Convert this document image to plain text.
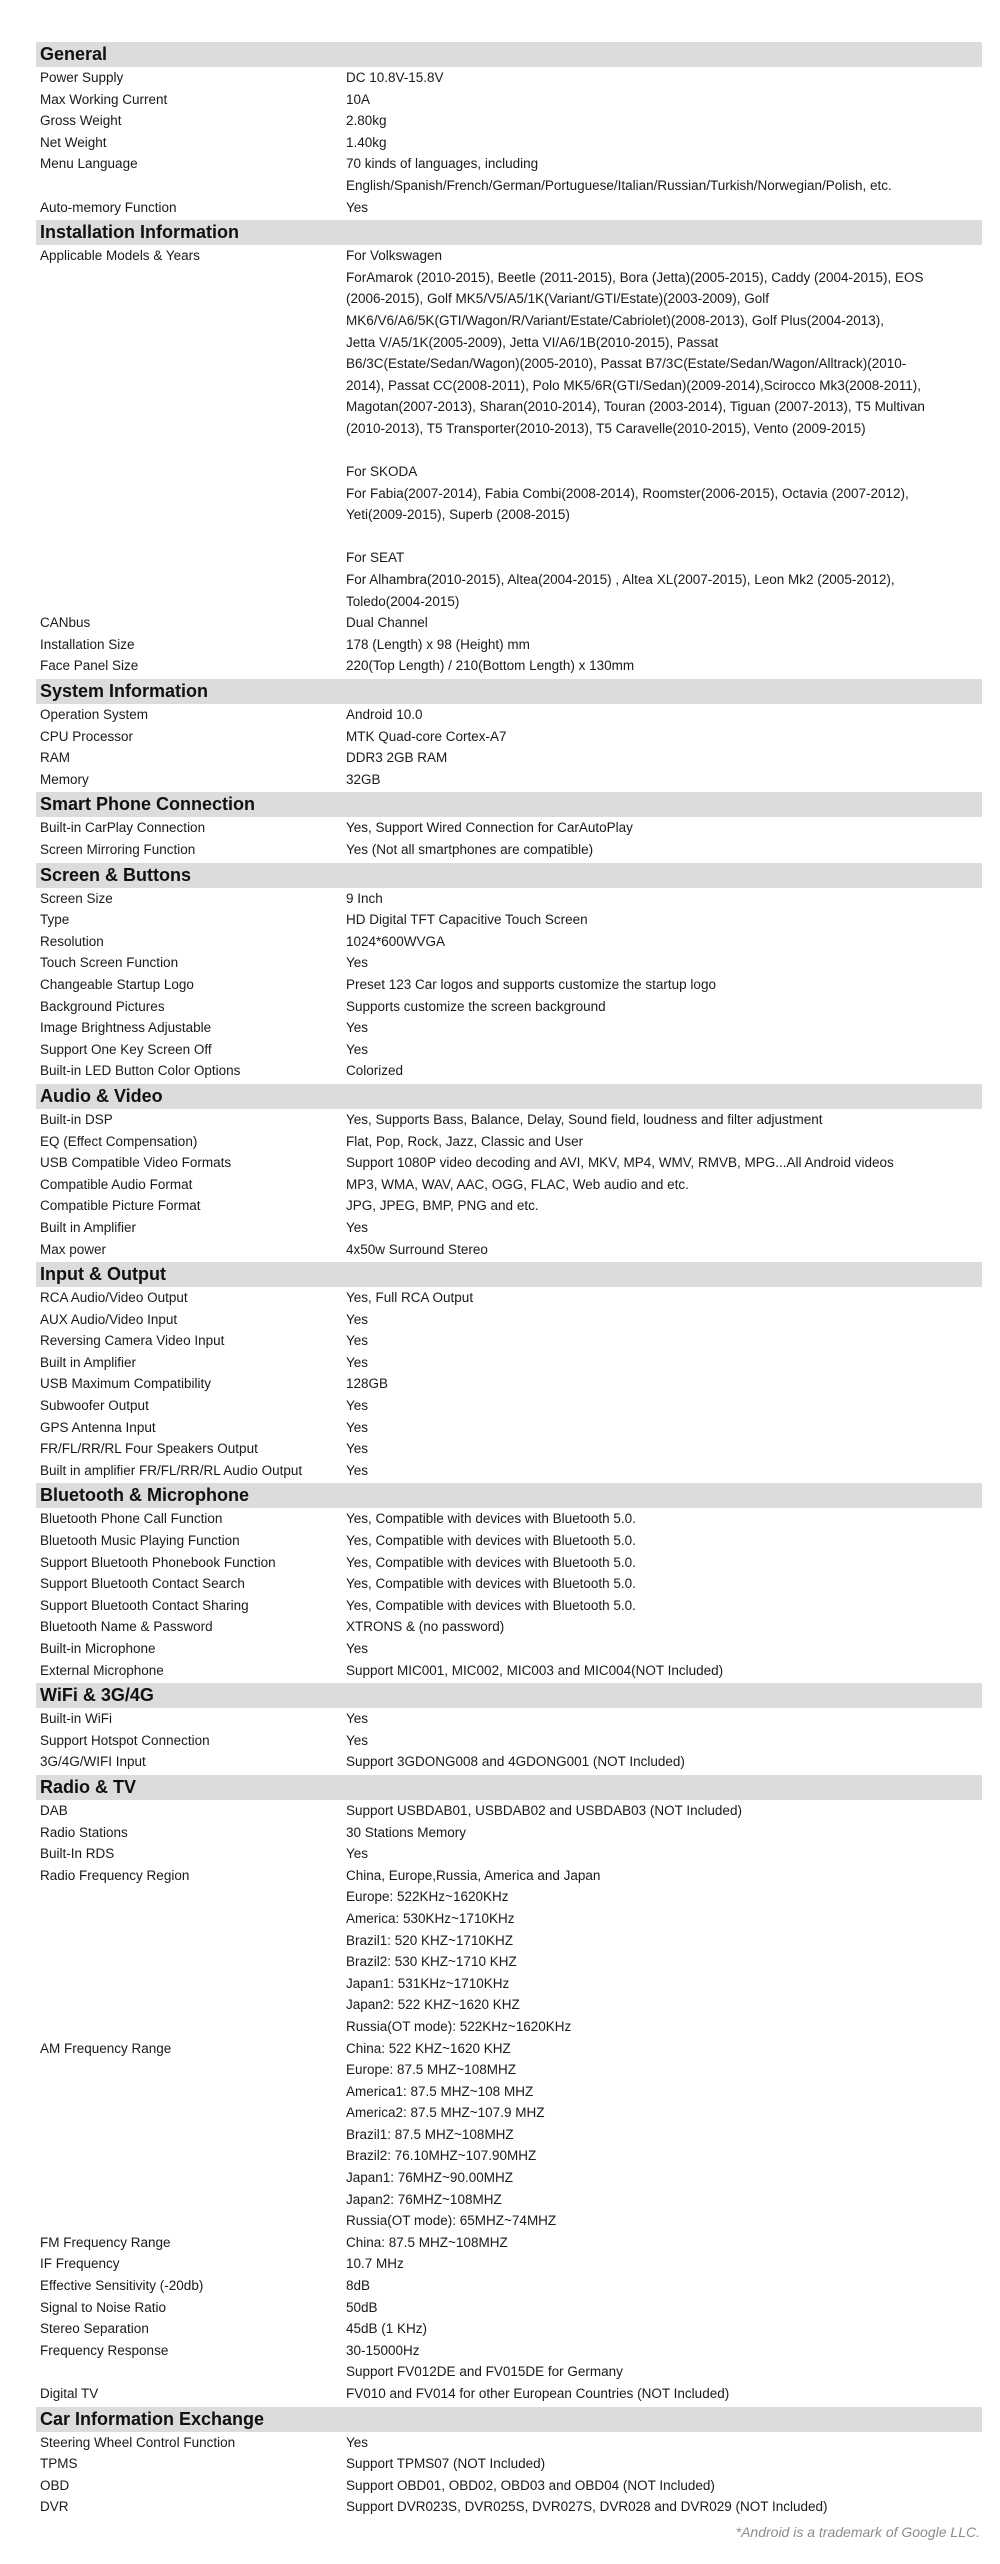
General
Power Supply	DC 10.8V-15.8V
Max Working Current	10A
Gross Weight	2.80kg
Net Weight	1.40kg
Menu Language	70 kinds of languages, including
English/Spanish/French/German/Portuguese/Italian/Russian/Turkish/Norwegian/Polish, etc.
Auto-memory Function	Yes
Installation Information
Applicable Models & Years	For Volkswagen
ForAmarok (2010-2015), Beetle (2011-2015), Bora (Jetta)(2005-2015), Caddy (2004-2015), EOS
(2006-2015), Golf MK5/V5/A5/1K(Variant/GTI/Estate)(2003-2009), Golf
MK6/V6/A6/5K(GTI/Wagon/R/Variant/Estate/Cabriolet)(2008-2013), Golf Plus(2004-2013),
Jetta V/A5/1K(2005-2009), Jetta VI/A6/1B(2010-2015), Passat
B6/3C(Estate/Sedan/Wagon)(2005-2010), Passat B7/3C(Estate/Sedan/Wagon/Alltrack)(2010-
2014), Passat CC(2008-2011), Polo MK5/6R(GTI/Sedan)(2009-2014),Scirocco Mk3(2008-2011),
Magotan(2007-2013), Sharan(2010-2014), Touran (2003-2014), Tiguan (2007-2013), T5 Multivan
(2010-2013), T5 Transporter(2010-2013), T5 Caravelle(2010-2015), Vento (2009-2015)

For SKODA
For Fabia(2007-2014), Fabia Combi(2008-2014), Roomster(2006-2015), Octavia (2007-2012),
Yeti(2009-2015), Superb (2008-2015)

For SEAT
For Alhambra(2010-2015), Altea(2004-2015) , Altea XL(2007-2015), Leon Mk2 (2005-2012),
Toledo(2004-2015)
CANbus	Dual Channel
Installation Size	178 (Length) x 98 (Height) mm
Face Panel Size	220(Top Length) / 210(Bottom Length) x 130mm
System Information
Operation System	Android 10.0
CPU Processor	MTK Quad-core Cortex-A7
RAM	DDR3 2GB RAM
Memory	32GB
Smart Phone Connection
Built-in CarPlay Connection	Yes, Support Wired Connection for CarAutoPlay
Screen Mirroring Function	Yes (Not all smartphones are compatible)
Screen & Buttons
Screen Size	9 Inch
Type	HD Digital TFT Capacitive Touch Screen
Resolution	1024*600WVGA
Touch Screen Function	Yes
Changeable Startup Logo	Preset 123 Car logos and supports customize the startup logo
Background Pictures	Supports customize the screen background
Image Brightness Adjustable	Yes
Support One Key Screen Off	Yes
Built-in LED Button Color Options	Colorized
Audio & Video
Built-in DSP	Yes, Supports Bass, Balance, Delay, Sound field, loudness and filter adjustment
EQ (Effect Compensation)	Flat, Pop, Rock, Jazz, Classic and User
USB Compatible Video Formats	Support 1080P video decoding and AVI, MKV, MP4, WMV, RMVB, MPG...All Android videos
Compatible Audio Format	MP3, WMA, WAV, AAC, OGG, FLAC, Web audio and etc.
Compatible Picture Format	JPG, JPEG, BMP, PNG and etc.
Built in Amplifier	Yes
Max power	4x50w Surround Stereo
Input & Output
RCA Audio/Video Output	Yes, Full RCA Output
AUX Audio/Video Input	Yes
Reversing Camera Video Input	Yes
Built in Amplifier	Yes
USB Maximum Compatibility	128GB
Subwoofer Output	Yes
GPS Antenna Input	Yes
FR/FL/RR/RL Four Speakers Output	Yes
Built in amplifier FR/FL/RR/RL Audio Output	Yes
Bluetooth & Microphone
Bluetooth Phone Call Function	Yes, Compatible with devices with Bluetooth 5.0.
Bluetooth Music Playing Function	Yes, Compatible with devices with Bluetooth 5.0.
Support Bluetooth Phonebook Function	Yes, Compatible with devices with Bluetooth 5.0.
Support Bluetooth Contact Search	Yes, Compatible with devices with Bluetooth 5.0.
Support Bluetooth Contact Sharing	Yes, Compatible with devices with Bluetooth 5.0.
Bluetooth Name & Password	XTRONS & (no password)
Built-in Microphone	Yes
External Microphone	Support MIC001, MIC002, MIC003 and MIC004(NOT Included)
WiFi & 3G/4G
Built-in WiFi	Yes
Support Hotspot Connection	Yes
3G/4G/WIFI Input	Support 3GDONG008 and 4GDONG001 (NOT Included)
Radio & TV
DAB	Support USBDAB01, USBDAB02 and USBDAB03 (NOT Included)
Radio Stations	30 Stations Memory
Built-In RDS	Yes
Radio Frequency Region	China, Europe,Russia, America and Japan
Europe: 522KHz~1620KHz
America: 530KHz~1710KHz
Brazil1: 520 KHZ~1710KHZ
Brazil2: 530 KHZ~1710 KHZ
Japan1: 531KHz~1710KHz
Japan2: 522 KHZ~1620 KHZ
Russia(OT mode): 522KHz~1620KHz
AM Frequency Range	China: 522 KHZ~1620 KHZ
Europe: 87.5 MHZ~108MHZ
America1: 87.5 MHZ~108 MHZ
America2: 87.5 MHZ~107.9 MHZ
Brazil1: 87.5 MHZ~108MHZ
Brazil2: 76.10MHZ~107.90MHZ
Japan1: 76MHZ~90.00MHZ
Japan2: 76MHZ~108MHZ
Russia(OT mode): 65MHZ~74MHZ
FM Frequency Range	China: 87.5 MHZ~108MHZ
IF Frequency	10.7 MHz
Effective Sensitivity (-20db)	8dB
Signal to Noise Ratio	50dB
Stereo Separation	45dB (1 KHz)
Frequency Response	30-15000Hz
Support FV012DE and FV015DE for Germany
Digital TV	FV010 and FV014 for other European Countries (NOT Included)
Car Information Exchange
Steering Wheel Control Function	Yes
TPMS	Support TPMS07 (NOT Included)
OBD	Support OBD01, OBD02, OBD03 and OBD04 (NOT Included)
DVR	Support DVR023S, DVR025S, DVR027S, DVR028 and DVR029 (NOT Included)
*Android is a trademark of Google LLC.
